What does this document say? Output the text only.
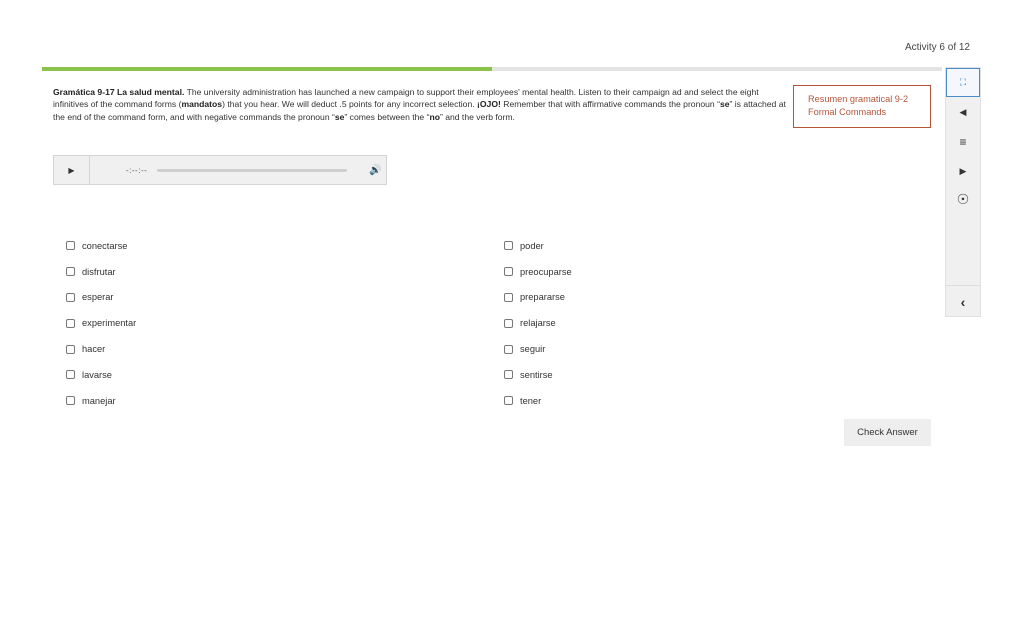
Activity 6 of 12
Gramática 9-17 La salud mental. The university administration has launched a new campaign to support their employees' mental health. Listen to their campaign ad and select the eight infinitives of the command forms (mandatos) that you hear. We will deduct .5 points for any incorrect selection. ¡OJO! Remember that with affirmative commands the pronoun “se” is attached at the end of the command form, and with negative commands the pronoun “se” comes between the “no” and the verb form.
Resumen gramatical 9-2
Formal Commands
▶	-:--:--	🔊
conectarse
disfrutar
esperar
experimentar
hacer
lavarse
manejar
poder
preocuparse
prepararse
relajarse
seguir
sentirse
tener
Check Answer
⛶
◀
≡
▶
☉
‹
